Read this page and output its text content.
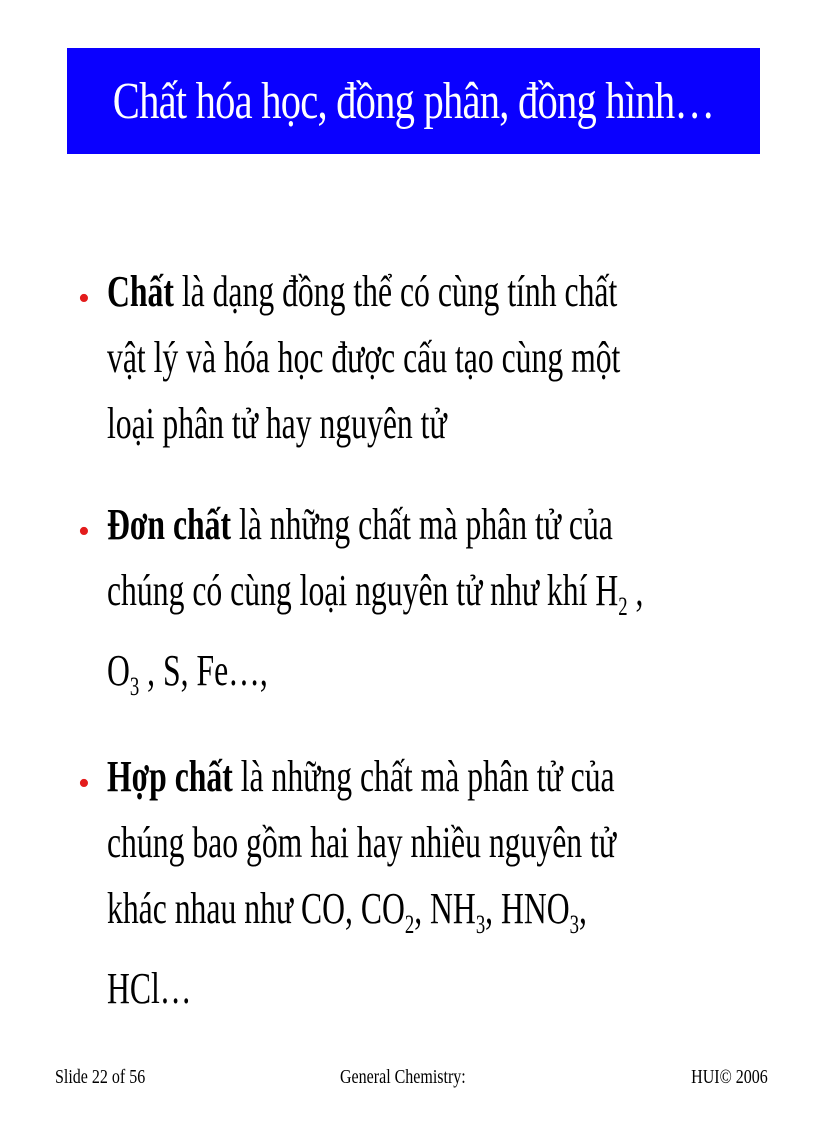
Chất hóa học, đồng phân, đồng hình…
• Chất là dạng đồng thể có cùng tính chất
vật lý và hóa học được cấu tạo cùng một
loại phân tử hay nguyên tử
• Đơn chất là những chất mà phân tử của
chúng có cùng loại nguyên tử như khí $H_2$ ,
$O_3$ , S, Fe…,
• Hợp chất là những chất mà phân tử của
chúng bao gồm hai hay nhiều nguyên tử
khác nhau như CO, $CO_2$, $NH_3$, $HNO_3$,
HCl…
Slide 22 of 56	General Chemistry:	HUI© 2006
